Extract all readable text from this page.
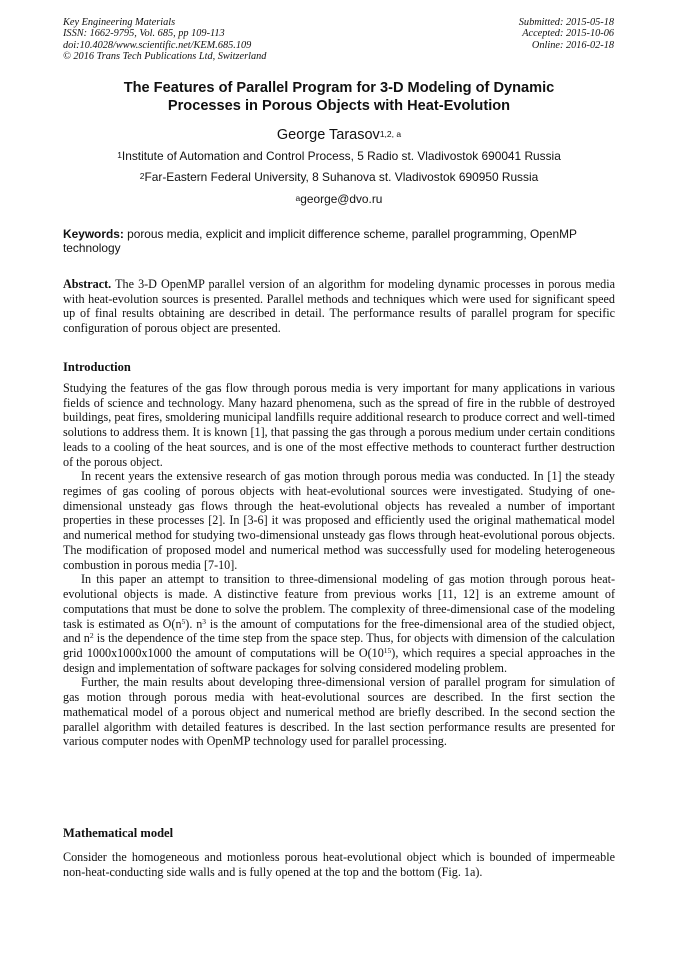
Key Engineering Materials
ISSN: 1662-9795, Vol. 685, pp 109-113
doi:10.4028/www.scientific.net/KEM.685.109
© 2016 Trans Tech Publications Ltd, Switzerland
Submitted: 2015-05-18
Accepted: 2015-10-06
Online: 2016-02-18
The Features of Parallel Program for 3-D Modeling of Dynamic
Processes in Porous Objects with Heat-Evolution
George Tarasov$^{1,2, a}$
$^1$Institute of Automation and Control Process, 5 Radio st. Vladivostok 690041 Russia
$^2$Far-Eastern Federal University, 8 Suhanova st. Vladivostok 690950 Russia
$^a$george@dvo.ru
Keywords: porous media, explicit and implicit difference scheme, parallel programming, OpenMP technology

Abstract. The 3-D OpenMP parallel version of an algorithm for modeling dynamic processes in porous media with heat-evolution sources is presented. Parallel methods and techniques which were used for significant speed up of final results obtaining are described in detail. The performance results of parallel program for specific configuration of porous object are presented.

Introduction

Studying the features of the gas flow through porous media is very important for many applications in various fields of science and technology. Many hazard phenomena, such as the spread of fire in the rubble of destroyed buildings, peat fires, smoldering municipal landfills require additional research to produce correct and well-timed solutions to address them. It is known [1], that passing the gas through a porous medium under certain conditions leads to a cooling of the heat sources, and is one of the most effective methods to counteract further destruction of the porous object.

In recent years the extensive research of gas motion through porous media was conducted. In [1] the steady regimes of gas cooling of porous objects with heat-evolutional sources were investigated. Studying of one-dimensional unsteady gas flows through the heat-evolutional objects has revealed a number of important properties in these processes [2]. In [3-6] it was proposed and efficiently used the original mathematical model and numerical method for studying two-dimensional unsteady gas flows through heat-evolutional porous objects. The modification of proposed model and numerical method was successfully used for modeling heterogeneous combustion in porous media [7-10].

In this paper an attempt to transition to three-dimensional modeling of gas motion through porous heat-evolutional objects is made. A distinctive feature from previous works [11, 12] is an extreme amount of computations that must be done to solve the problem. The complexity of three-dimensional case of the modeling task is estimated as $O(n^5)$. $n^3$ is the amount of computations for the free-dimensional area of the studied object, and $n^2$ is the dependence of the time step from the space step. Thus, for objects with dimension of the calculation grid 1000x1000x1000 the amount of computations will be $O(10^{15})$, which requires a special approaches in the design and implementation of software packages for solving considered modeling problem.

Further, the main results about developing three-dimensional version of parallel program for simulation of gas motion through porous media with heat-evolutional sources are described. In the first section the mathematical model of a porous object and numerical method are briefly described. In the second section the parallel algorithm with detailed features is described. In the last section performance results are presented for various computer nodes with OpenMP technology used for parallel processing.

Mathematical model

Consider the homogeneous and motionless porous heat-evolutional object which is bounded of impermeable non-heat-conducting side walls and is fully opened at the top and the bottom (Fig. 1a).
